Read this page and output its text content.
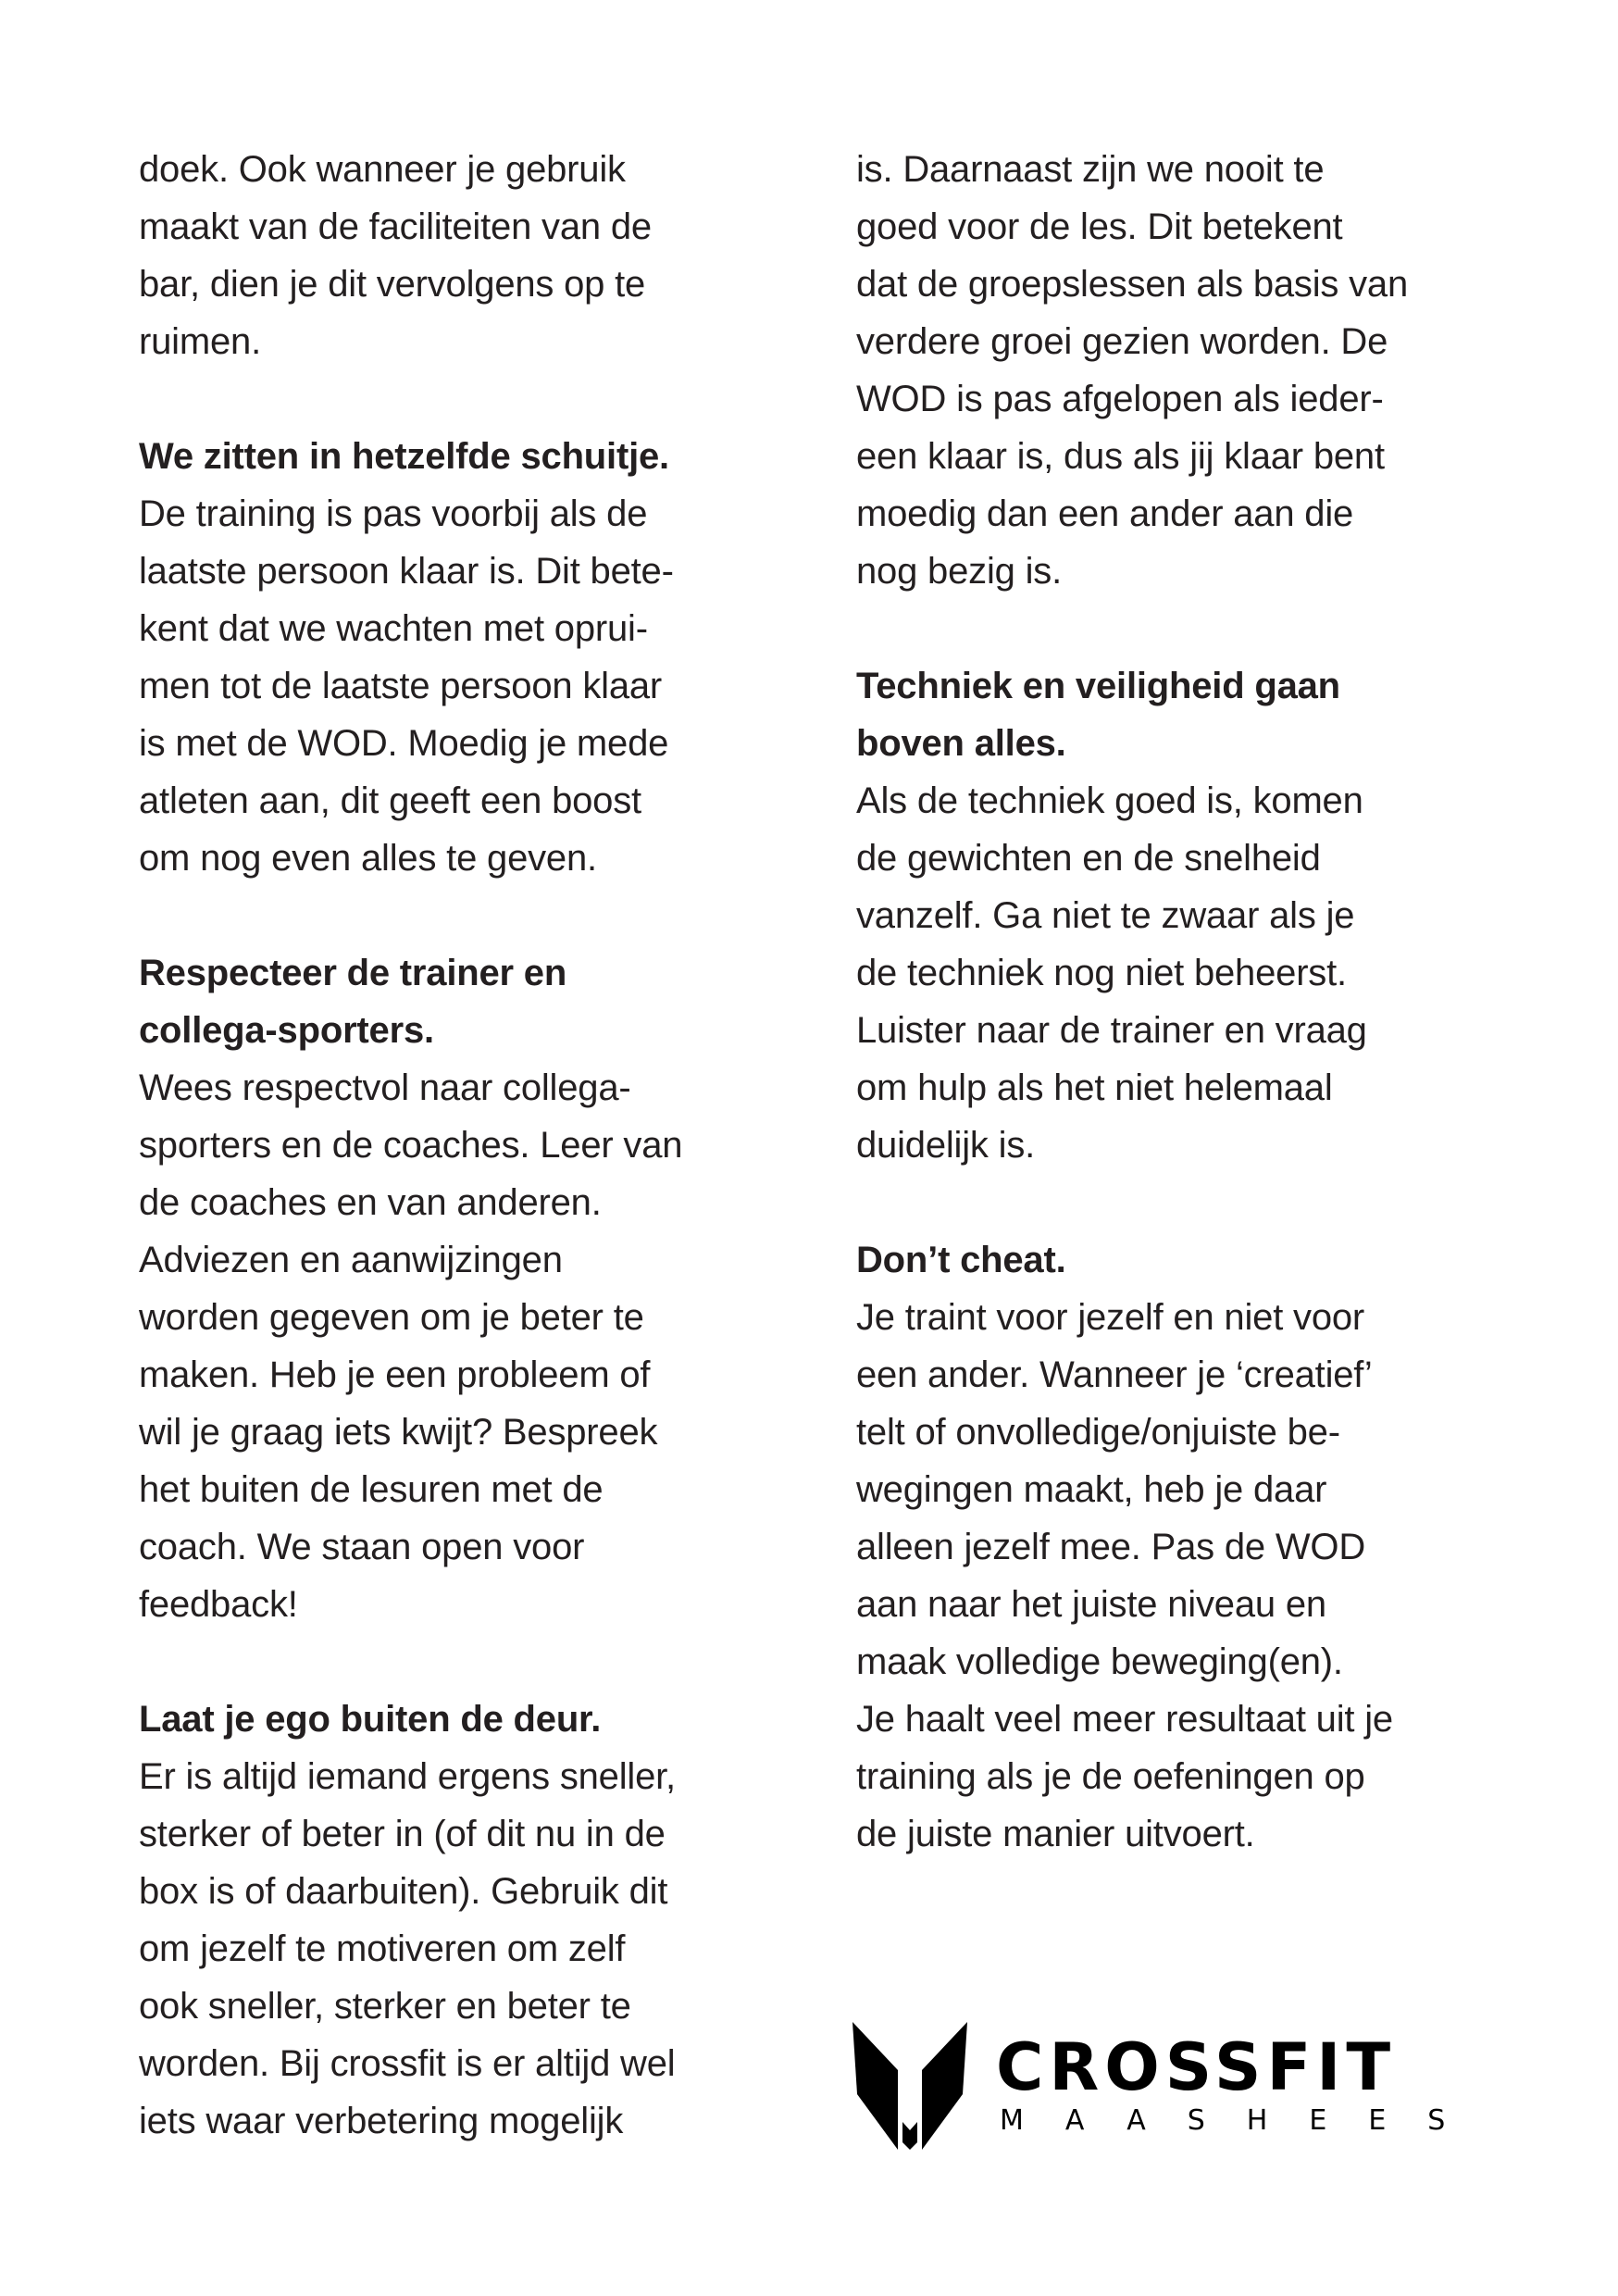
doek. Ook wanneer je gebruik
maakt van de faciliteiten van de
bar, dien je dit vervolgens op te
ruimen.
We zitten in hetzelfde schuitje.
De training is pas voorbij als de
laatste persoon klaar is. Dit bete-
kent dat we wachten met opruі-
men tot de laatste persoon klaar
is met de WOD. Moedig je mede
atleten aan, dit geeft een boost
om nog even alles te geven.
Respecteer de trainer en
collega-sporters.
Wees respectvol naar collega-
sporters en de coaches. Leer van
de coaches en van anderen.
Adviezen en aanwijzingen
worden gegeven om je beter te
maken. Heb je een probleem of
wil je graag iets kwijt? Bespreek
het buiten de lesuren met de
coach. We staan open voor
feedback!
Laat je ego buiten de deur.
Er is altijd iemand ergens sneller,
sterker of beter in (of dit nu in de
box is of daarbuiten). Gebruik dit
om jezelf te motiveren om zelf
ook sneller, sterker en beter te
worden. Bij crossfit is er altijd wel
iets waar verbetering mogelijk
is. Daarnaast zijn we nooit te
goed voor de les. Dit betekent
dat de groepslessen als basis van
verdere groei gezien worden. De
WOD is pas afgelopen als ieder-
een klaar is, dus als jij klaar bent
moedig dan een ander aan die
nog bezig is.
Techniek en veiligheid gaan
boven alles.
Als de techniek goed is, komen
de gewichten en de snelheid
vanzelf. Ga niet te zwaar als je
de techniek nog niet beheerst.
Luister naar de trainer en vraag
om hulp als het niet helemaal
duidelijk is.
Don’t cheat.
Je traint voor jezelf en niet voor
een ander. Wanneer je ‘creatief’
telt of onvolledige/onjuiste be-
wegingen maakt, heb je daar
alleen jezelf mee. Pas de WOD
aan naar het juiste niveau en
maak volledige beweging(en).
Je haalt veel meer resultaat uit je
training als je de oefeningen op
de juiste manier uitvoert.
CROSSFIT
MAASHEES
